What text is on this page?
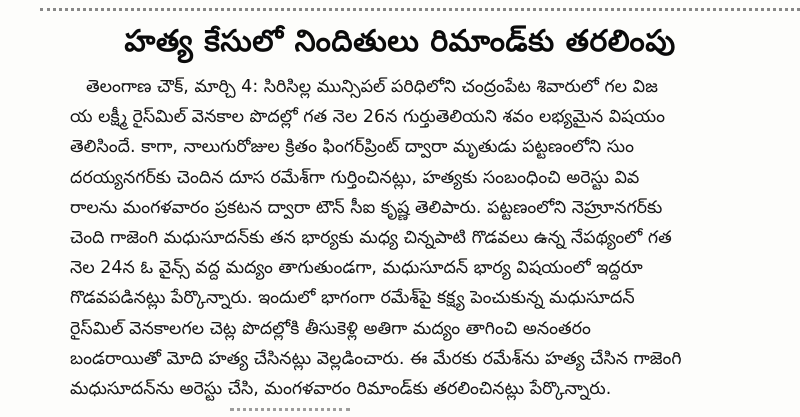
హత్య కేసులో నిందితులు రిమాండ్‌కు తరలింపు
తెలంగాణ చౌక్, మార్చి 4: సిరిసిల్ల మున్సిపల్ పరిధిలోని చంద్రంపేట శివారులో గల విజ
య లక్ష్మీ రైస్‌మిల్ వెనకాల పొదల్లో గత నెల 26న గుర్తుతెలియని శవం లభ్యమైన విషయం
తెలిసిందే. కాగా, నాలుగురోజుల క్రితం ఫింగర్‌ప్రింట్ ద్వారా మృతుడు పట్టణంలోని సుం
దరయ్యనగర్‌కు చెందిన దూస రమేశ్‌గా గుర్తించినట్లు, హత్యకు సంబంధించి అరెస్టు వివ
రాలను మంగళవారం ప్రకటన ద్వారా టౌన్ సీఐ కృష్ణ తెలిపారు. పట్టణంలోని నెహ్రూనగర్‌కు
చెంది గాజెంగి మధుసూదన్‌కు తన భార్యకు మధ్య చిన్నపాటి గొడవలు ఉన్న నేపథ్యంలో గత
నెల 24న ఓ వైన్స్ వద్ద మద్యం తాగుతుండగా, మధుసూదన్ భార్య విషయంలో ఇద్దరూ
గొడవపడినట్లు పేర్కొన్నారు. ఇందులో భాగంగా రమేశ్‌పై కక్ష్య పెంచుకున్న మధుసూదన్
రైస్‌మిల్ వెనకాలగల చెట్ల పొదల్లోకి తీసుకెళ్లి అతిగా మద్యం తాగించి అనంతరం
బండరాయితో మోది హత్య చేసినట్లు వెల్లడించారు. ఈ మేరకు రమేశ్‌ను హత్య చేసిన గాజెంగి
మధుసూదన్‌ను అరెస్టు చేసి, మంగళవారం రిమాండ్‌కు తరలించినట్లు పేర్కొన్నారు.
